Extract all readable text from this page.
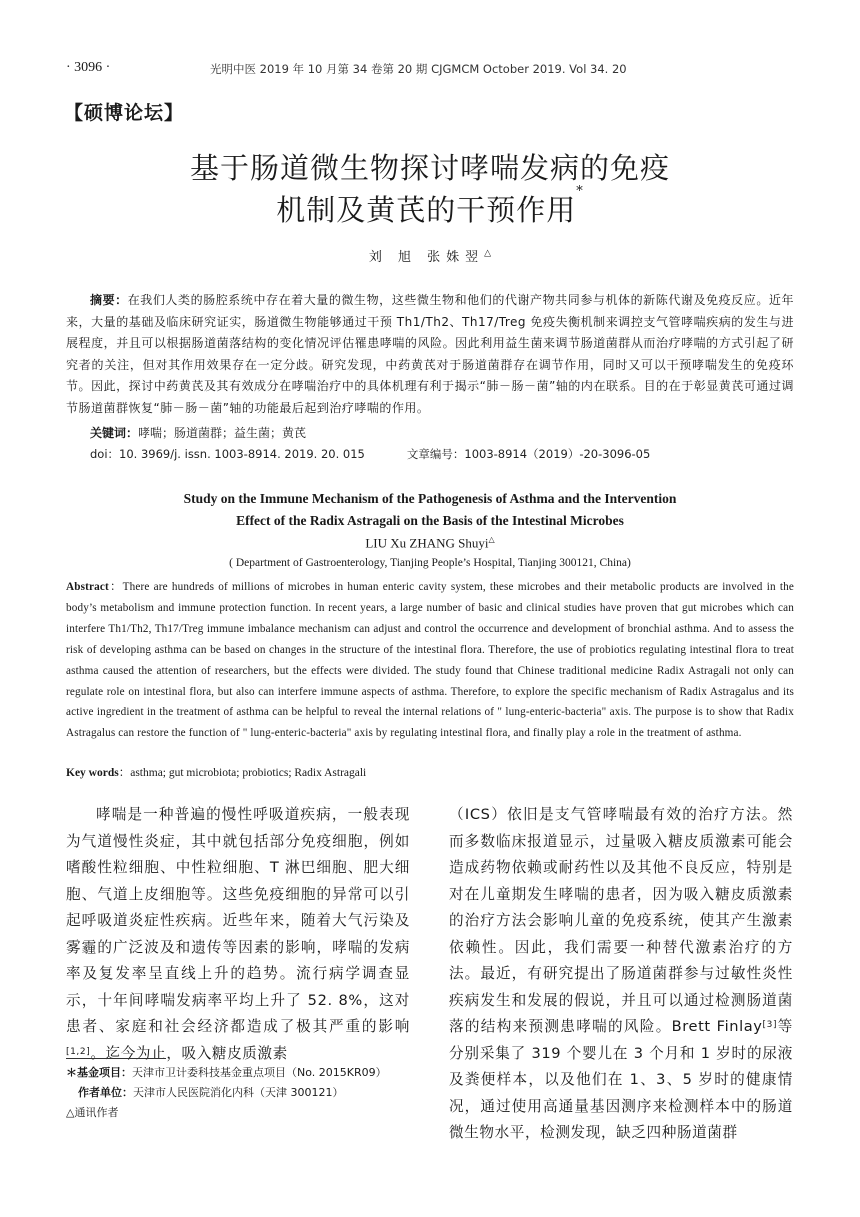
· 3096 ·	光明中医 2019 年 10 月第 34 卷第 20 期 CJGMCM October 2019. Vol 34. 20
【硕博论坛】
基于肠道微生物探讨哮喘发病的免疫
机制及黄芪的干预作用*
刘 旭 张姝翌△
摘要：在我们人类的肠腔系统中存在着大量的微生物，这些微生物和他们的代谢产物共同参与机体的新陈代谢及免疫反应。近年来，大量的基础及临床研究证实，肠道微生物能够通过干预 Th1/Th2、Th17/Treg 免疫失衡机制来调控支气管哮喘疾病的发生与进展程度，并且可以根据肠道菌落结构的变化情况评估罹患哮喘的风险。因此利用益生菌来调节肠道菌群从而治疗哮喘的方式引起了研究者的关注，但对其作用效果存在一定分歧。研究发现，中药黄芪对于肠道菌群存在调节作用，同时又可以干预哮喘发生的免疫环节。因此，探讨中药黄芪及其有效成分在哮喘治疗中的具体机理有利于揭示“肺－肠－菌”轴的内在联系。目的在于彰显黄芪可通过调节肠道菌群恢复“肺－肠－菌”轴的功能最后起到治疗哮喘的作用。
关键词：哮喘；肠道菌群；益生菌；黄芪
doi：10. 3969/j. issn. 1003-8914. 2019. 20. 015	文章编号：1003-8914（2019）-20-3096-05
Study on the Immune Mechanism of the Pathogenesis of Asthma and the Intervention
Effect of the Radix Astragali on the Basis of the Intestinal Microbes
LIU Xu ZHANG Shuyi△
( Department of Gastroenterology, Tianjing People’s Hospital, Tianjing 300121, China)
Abstract：There are hundreds of millions of microbes in human enteric cavity system, these microbes and their metabolic products are involved in the body’s metabolism and immune protection function. In recent years, a large number of basic and clinical studies have proven that gut microbes which can interfere Th1/Th2, Th17/Treg immune imbalance mechanism can adjust and control the occurrence and development of bronchial asthma. And to assess the risk of developing asthma can be based on changes in the structure of the intestinal flora. Therefore, the use of probiotics regulating intestinal flora to treat asthma caused the attention of researchers, but the effects were divided. The study found that Chinese traditional medicine Radix Astragali not only can regulate role on intestinal flora, but also can interfere immune aspects of asthma. Therefore, to explore the specific mechanism of Radix Astragalus and its active ingredient in the treatment of asthma can be helpful to reveal the internal relations of " lung-enteric-bacteria" axis. The purpose is to show that Radix Astragalus can restore the function of " lung-enteric-bacteria" axis by regulating intestinal flora, and finally play a role in the treatment of asthma.
Key words：asthma; gut microbiota; probiotics; Radix Astragali
哮喘是一种普遍的慢性呼吸道疾病，一般表现为气道慢性炎症，其中就包括部分免疫细胞，例如嗜酸性粒细胞、中性粒细胞、T 淋巴细胞、肥大细胞、气道上皮细胞等。这些免疫细胞的异常可以引起呼吸道炎症性疾病。近些年来，随着大气污染及雾霾的广泛波及和遗传等因素的影响，哮喘的发病率及复发率呈直线上升的趋势。流行病学调查显示，十年间哮喘发病率平均上升了 52. 8%，这对患者、家庭和社会经济都造成了极其严重的影响[1,2]。迄今为止，吸入糖皮质激素
（ICS）依旧是支气管哮喘最有效的治疗方法。然而多数临床报道显示，过量吸入糖皮质激素可能会造成药物依赖或耐药性以及其他不良反应，特别是对在儿童期发生哮喘的患者，因为吸入糖皮质激素的治疗方法会影响儿童的免疫系统，使其产生激素依赖性。因此，我们需要一种替代激素治疗的方法。最近，有研究提出了肠道菌群参与过敏性炎性疾病发生和发展的假说，并且可以通过检测肠道菌落的结构来预测患哮喘的风险。Brett Finlay[3]等分别采集了 319 个婴儿在 3 个月和 1 岁时的尿液及粪便样本，以及他们在 1、3、5 岁时的健康情况，通过使用高通量基因测序来检测样本中的肠道微生物水平，检测发现，缺乏四种肠道菌群
＊基金项目：天津市卫计委科技基金重点项目（No. 2015KR09）
作者单位：天津市人民医院消化内科（天津 300121）
△通讯作者
